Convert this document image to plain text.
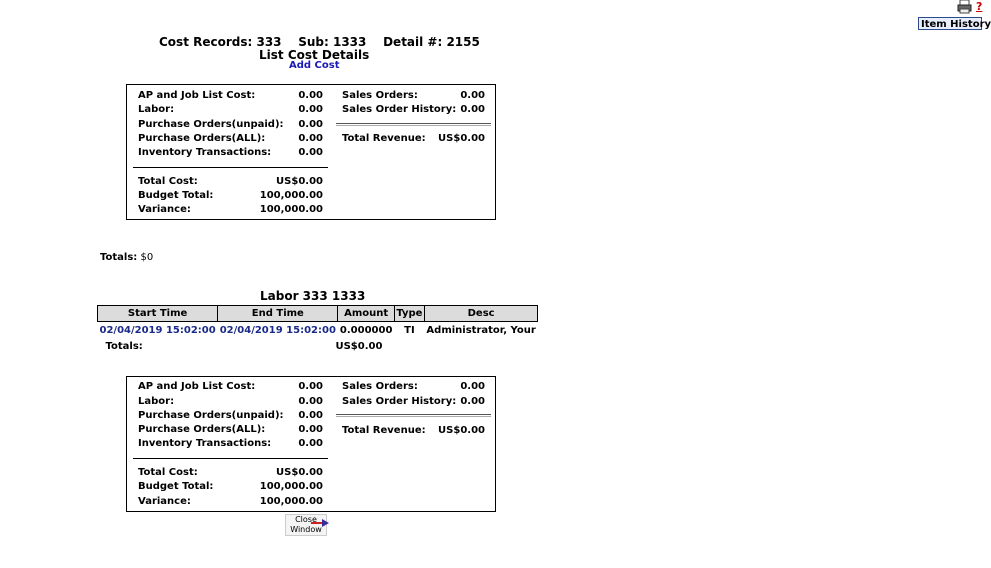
?
Item History
Cost Records: 333    Sub: 1333    Detail #: 2155
List Cost Details
Add Cost
AP and Job List Cost:	0.00
Labor:	0.00
Purchase Orders(unpaid): 0.00
Purchase Orders(ALL):	0.00
Inventory Transactions:	0.00
Total Cost:	US$0.00
Budget Total:	100,000.00
Variance:	100,000.00
Sales Orders:	0.00
Sales Order History: 0.00
Total Revenue: US$0.00
Totals: $0
Labor 333 1333
Start Time	End Time	Amount	Type	Desc
02/04/2019 15:02:00	02/04/2019 15:02:00	0.000000	TI	Administrator, Your
Totals:	US$0.00			
AP and Job List Cost:	0.00
Labor:	0.00
Purchase Orders(unpaid): 0.00
Purchase Orders(ALL):	0.00
Inventory Transactions:	0.00
Total Cost:	US$0.00
Budget Total:	100,000.00
Variance:	100,000.00
Sales Orders:	0.00
Sales Order History: 0.00
Total Revenue: US$0.00
Close
Window
